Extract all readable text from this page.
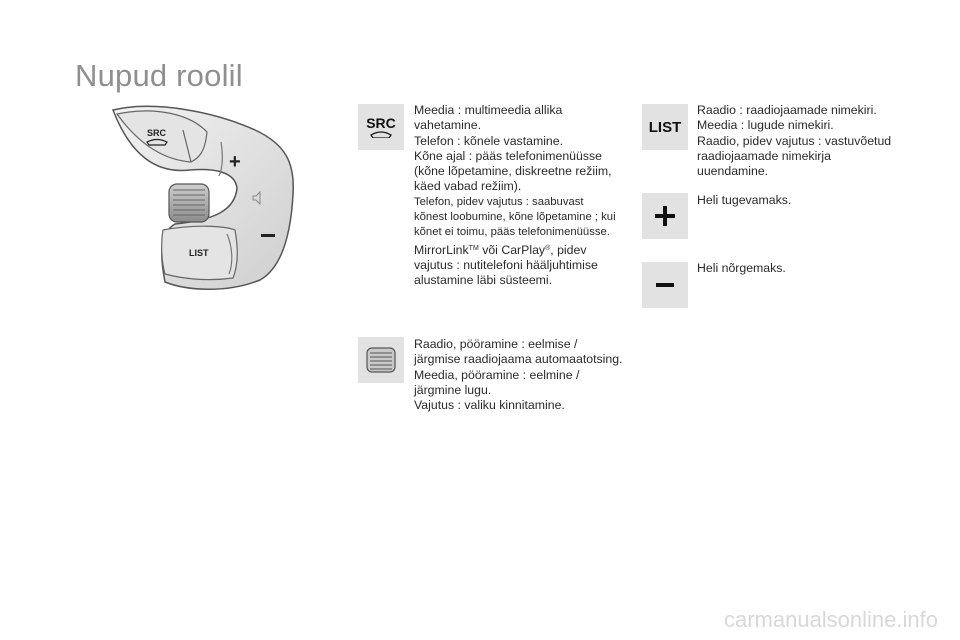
Nupud roolil
SRC
+
LIST
SRC	LIST
Meedia : multimeedia allika
vahetamine.
Telefon : kõnele vastamine.
Kõne ajal : pääs telefonimenüüsse
(kõne lõpetamine, diskreetne režiim,
käed vabad režiim).
Telefon, pidev vajutus : saabuvast
kõnest loobumine, kõne lõpetamine ; kui
kõnet ei toimu, pääs telefonimenüüsse.
MirrorLink™ või CarPlay®, pidev
vajutus : nutitelefoni hääljuhtimise
alustamine läbi süsteemi.
Raadio, pööramine : eelmise /
järgmise raadiojaama automaatotsing.
Meedia, pööramine : eelmine /
järgmine lugu.
Vajutus : valiku kinnitamine.
Raadio : raadiojaamade nimekiri.
Meedia : lugude nimekiri.
Raadio, pidev vajutus : vastuvõetud
raadiojaamade nimekirja
uuendamine.
Heli tugevamaks.
Heli nõrgemaks.
carmanualsonline.info
